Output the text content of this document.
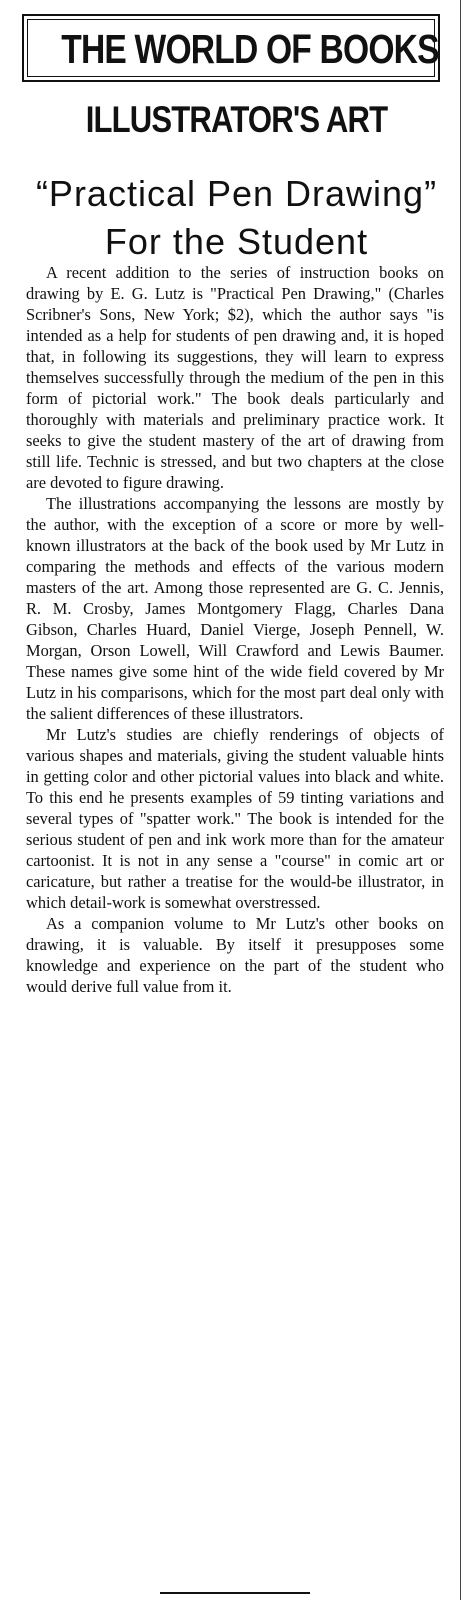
THE WORLD OF BOOKS
ILLUSTRATOR'S ART
“Practical Pen Drawing”
For the Student

A recent addition to the series of instruction books on drawing by E. G. Lutz is "Practical Pen Drawing," (Charles Scribner's Sons, New York; $2), which the author says "is intended as a help for students of pen drawing and, it is hoped that, in following its suggestions, they will learn to express themselves successfully through the medium of the pen in this form of pictorial work." The book deals particularly and thoroughly with materials and preliminary practice work. It seeks to give the student mastery of the art of drawing from still life. Technic is stressed, and but two chapters at the close are devoted to figure drawing.

The illustrations accompanying the lessons are mostly by the author, with the exception of a score or more by well-known illustrators at the back of the book used by Mr Lutz in comparing the methods and effects of the various modern masters of the art. Among those represented are G. C. Jennis, R. M. Crosby, James Montgomery Flagg, Charles Dana Gibson, Charles Huard, Daniel Vierge, Joseph Pennell, W. Morgan, Orson Lowell, Will Crawford and Lewis Baumer. These names give some hint of the wide field covered by Mr Lutz in his comparisons, which for the most part deal only with the salient differences of these illustrators.

Mr Lutz's studies are chiefly renderings of objects of various shapes and materials, giving the student valuable hints in getting color and other pictorial values into black and white. To this end he presents examples of 59 tinting variations and several types of "spatter work." The book is intended for the serious student of pen and ink work more than for the amateur cartoonist. It is not in any sense a "course" in comic art or caricature, but rather a treatise for the would-be illustrator, in which detail-work is somewhat overstressed.

As a companion volume to Mr Lutz's other books on drawing, it is valuable. By itself it presupposes some knowledge and experience on the part of the student who would derive full value from it.
